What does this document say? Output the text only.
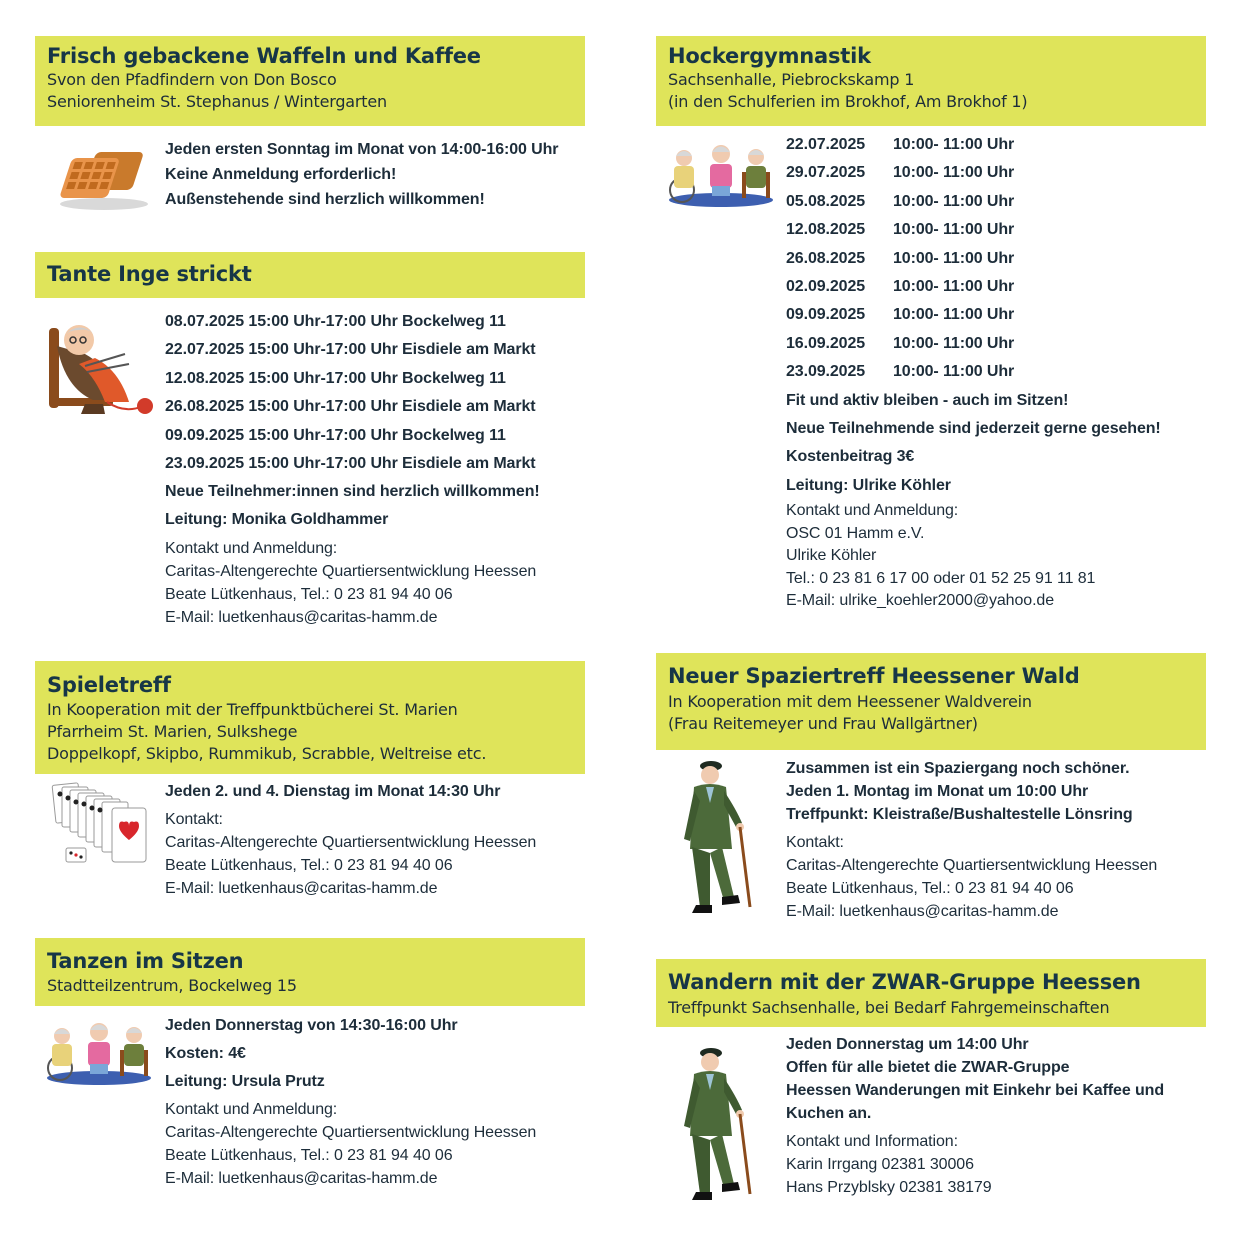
Frisch gebackene Waffeln und Kaffee
Svon den Pfadfindern von Don Bosco
Seniorenheim St. Stephanus / Wintergarten
Jeden ersten Sonntag im Monat von 14:00-16:00 Uhr
Keine Anmeldung erforderlich!
Außenstehende sind herzlich willkommen!
Tante Inge strickt
08.07.2025 15:00 Uhr-17:00 Uhr Bockelweg 11
22.07.2025 15:00 Uhr-17:00 Uhr Eisdiele am Markt
12.08.2025 15:00 Uhr-17:00 Uhr Bockelweg 11
26.08.2025 15:00 Uhr-17:00 Uhr Eisdiele am Markt
09.09.2025 15:00 Uhr-17:00 Uhr Bockelweg 11
23.09.2025 15:00 Uhr-17:00 Uhr Eisdiele am Markt
Neue Teilnehmer:innen sind herzlich willkommen!
Leitung: Monika Goldhammer
Kontakt und Anmeldung:
Caritas-Altengerechte Quartiersentwicklung Heessen
Beate Lütkenhaus, Tel.: 0 23 81 94 40 06
E-Mail: luetkenhaus@caritas-hamm.de
Spieletreff
In Kooperation mit der Treffpunktbücherei St. Marien
Pfarrheim St. Marien, Sulkshege
Doppelkopf, Skipbo, Rummikub, Scrabble, Weltreise etc.
Jeden 2. und 4. Dienstag im Monat 14:30 Uhr
Kontakt:
Caritas-Altengerechte Quartiersentwicklung Heessen
Beate Lütkenhaus, Tel.: 0 23 81 94 40 06
E-Mail: luetkenhaus@caritas-hamm.de
Tanzen im Sitzen
Stadtteilzentrum, Bockelweg 15
Jeden Donnerstag von 14:30-16:00 Uhr
Kosten: 4€
Leitung: Ursula Prutz
Kontakt und Anmeldung:
Caritas-Altengerechte Quartiersentwicklung Heessen
Beate Lütkenhaus, Tel.: 0 23 81 94 40 06
E-Mail: luetkenhaus@caritas-hamm.de
Hockergymnastik
Sachsenhalle, Piebrockskamp 1
(in den Schulferien im Brokhof, Am Brokhof 1)
22.07.2025	10:00- 11:00 Uhr
29.07.2025	10:00- 11:00 Uhr
05.08.2025	10:00- 11:00 Uhr
12.08.2025	10:00- 11:00 Uhr
26.08.2025	10:00- 11:00 Uhr
02.09.2025	10:00- 11:00 Uhr
09.09.2025	10:00- 11:00 Uhr
16.09.2025	10:00- 11:00 Uhr
23.09.2025	10:00- 11:00 Uhr
Fit und aktiv bleiben - auch im Sitzen!
Neue Teilnehmende sind jederzeit gerne gesehen!
Kostenbeitrag 3€
Leitung: Ulrike Köhler
Kontakt und Anmeldung:
OSC 01 Hamm e.V.
Ulrike Köhler
Tel.: 0 23 81 6 17 00 oder 01 52 25 91 11 81
E-Mail: ulrike_koehler2000@yahoo.de
Neuer Spaziertreff Heessener Wald
In Kooperation mit dem Heessener Waldverein
(Frau Reitemeyer und Frau Wallgärtner)
Zusammen ist ein Spaziergang noch schöner.
Jeden 1. Montag im Monat um 10:00 Uhr
Treffpunkt: Kleistraße/Bushaltestelle Lönsring
Kontakt:
Caritas-Altengerechte Quartiersentwicklung Heessen
Beate Lütkenhaus, Tel.: 0 23 81 94 40 06
E-Mail: luetkenhaus@caritas-hamm.de
Wandern mit der ZWAR-Gruppe Heessen
Treffpunkt Sachsenhalle, bei Bedarf Fahrgemeinschaften
Jeden Donnerstag um 14:00 Uhr
Offen für alle bietet die ZWAR-Gruppe
Heessen Wanderungen mit Einkehr bei Kaffee und
Kuchen an.
Kontakt und Information:
Karin Irrgang 02381 30006
Hans Przyblsky 02381 38179
